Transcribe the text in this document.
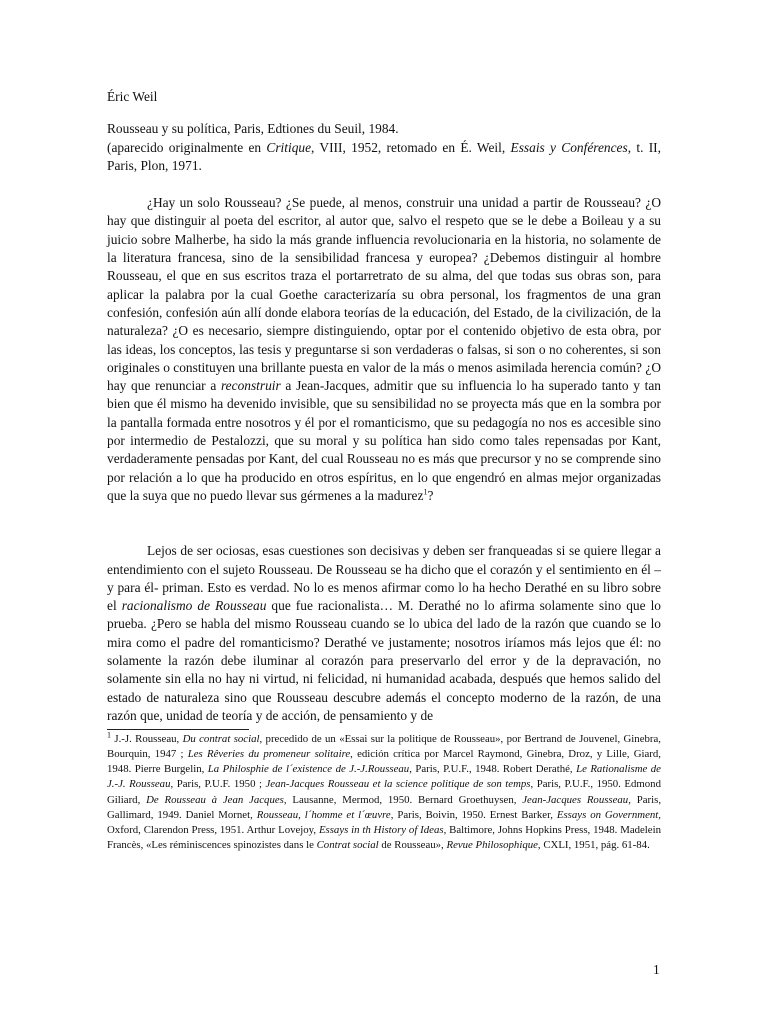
Éric Weil

Rousseau y su política, Paris, Edtiones du Seuil, 1984.

(aparecido originalmente en Critique, VIII, 1952, retomado en É. Weil, Essais y Conférences, t. II, Paris, Plon, 1971.

¿Hay un solo Rousseau? ¿Se puede, al menos, construir una unidad a partir de Rousseau? ¿O hay que distinguir al poeta del escritor, al autor que, salvo el respeto que se le debe a Boileau y a su juicio sobre Malherbe, ha sido la más grande influencia revolucionaria en la historia, no solamente de la literatura francesa, sino de la sensibilidad francesa y europea? ¿Debemos distinguir al hombre Rousseau, el que en sus escritos traza el portarretrato de su alma, del que todas sus obras son, para aplicar la palabra por la cual Goethe caracterizaría su obra personal, los fragmentos de una gran confesión, confesión aún allí donde elabora teorías de la educación, del Estado, de la civilización, de la naturaleza? ¿O es necesario, siempre distinguiendo, optar por el contenido objetivo de esta obra, por las ideas, los conceptos, las tesis y preguntarse si son verdaderas o falsas, si son o no coherentes, si son originales o constituyen una brillante puesta en valor de la más o menos asimilada herencia común? ¿O hay que renunciar a reconstruir a Jean-Jacques, admitir que su influencia lo ha superado tanto y tan bien que él mismo ha devenido invisible, que su sensibilidad no se proyecta más que en la sombra por la pantalla formada entre nosotros y él por el romanticismo, que su pedagogía no nos es accesible sino por intermedio de Pestalozzi, que su moral y su política han sido como tales repensadas por Kant, verdaderamente pensadas por Kant, del cual Rousseau no es más que precursor y no se comprende sino por relación a lo que ha producido en otros espíritus, en lo que engendró en almas mejor organizadas que la suya que no puedo llevar sus gérmenes a la madurez$^1$?

Lejos de ser ociosas, esas cuestiones son decisivas y deben ser franqueadas si se quiere llegar a entendimiento con el sujeto Rousseau. De Rousseau se ha dicho que el corazón y el sentimiento en él –y para él- priman. Esto es verdad. No lo es menos afirmar como lo ha hecho Derathé en su libro sobre el racionalismo de Rousseau que fue racionalista… M. Derathé no lo afirma solamente sino que lo prueba. ¿Pero se habla del mismo Rousseau cuando se lo ubica del lado de la razón que cuando se lo mira como el padre del romanticismo? Derathé ve justamente; nosotros iríamos más lejos que él: no solamente la razón debe iluminar al corazón para preservarlo del error y de la depravación, no solamente sin ella no hay ni virtud, ni felicidad, ni humanidad acabada, después que hemos salido del estado de naturaleza sino que Rousseau descubre además el concepto moderno de la razón, de una razón que, unidad de teoría y de acción, de pensamiento y de

$^1$ J.-J. Rousseau, Du contrat social, precedido de un «Essai sur la politique de Rousseau», por Bertrand de Jouvenel, Ginebra, Bourquin, 1947 ; Les Rêveries du promeneur solitaire, edición crítica por Marcel Raymond, Ginebra, Droz, y Lille, Giard, 1948. Pierre Burgelin, La Philosphie de l´existence de J.-J.Rousseau, Paris, P.U.F., 1948. Robert Derathé, Le Rationalisme de J.-J. Rousseau, Paris, P.U.F. 1950 ; Jean-Jacques Rousseau et la science politique de son temps, Paris, P.U.F., 1950. Edmond Giliard, De Rousseau à Jean Jacques, Lausanne, Mermod, 1950. Bernard Groethuysen, Jean-Jacques Rousseau, Paris, Gallimard, 1949. Daniel Mornet, Rousseau, l´homme et l´œuvre, Paris, Boivin, 1950. Ernest Barker, Essays on Government, Oxford, Clarendon Press, 1951. Arthur Lovejoy, Essays in th History of Ideas, Baltimore, Johns Hopkins Press, 1948. Madelein Francès, «Les réminiscences spinozistes dans le Contrat social de Rousseau», Revue Philosophique, CXLI, 1951, pág. 61-84.

1
